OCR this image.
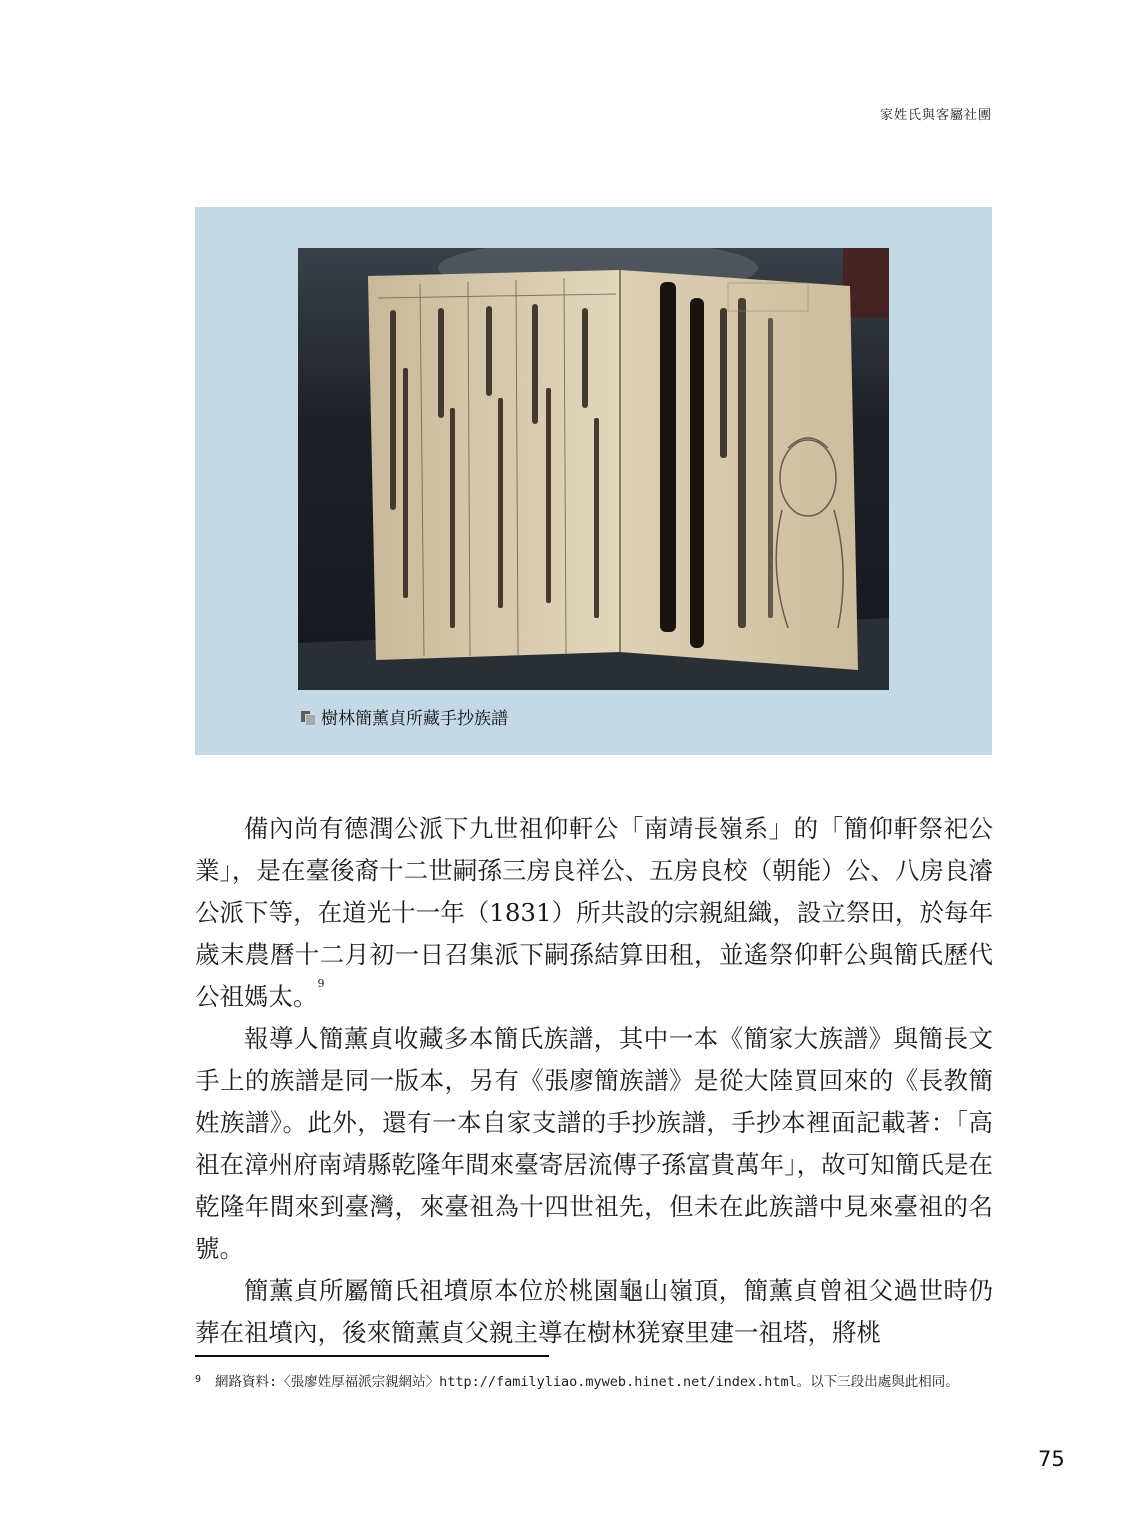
家姓氏與客屬社團
樹林簡薰貞所藏手抄族譜

備內尚有德潤公派下九世祖仰軒公「南靖長嶺系」的「簡仰軒祭祀公業」，是在臺後裔十二世嗣孫三房良祥公、五房良校（朝能）公、八房良濬公派下等，在道光十一年（1831）所共設的宗親組織，設立祭田，於每年歲末農曆十二月初一日召集派下嗣孫結算田租，並遙祭仰軒公與簡氏歷代公祖媽太。$^9$

報導人簡薰貞收藏多本簡氏族譜，其中一本《簡家大族譜》與簡長文手上的族譜是同一版本，另有《張廖簡族譜》是從大陸買回來的《長教簡姓族譜》。此外，還有一本自家支譜的手抄族譜，手抄本裡面記載著：「高祖在漳州府南靖縣乾隆年間來臺寄居流傳子孫富貴萬年」，故可知簡氏是在乾隆年間來到臺灣，來臺祖為十四世祖先，但未在此族譜中見來臺祖的名號。

簡薰貞所屬簡氏祖墳原本位於桃園龜山嶺頂，簡薰貞曾祖父過世時仍葬在祖墳內，後來簡薰貞父親主導在樹林猐寮里建一祖塔，將桃

9 網路資料:〈張廖姓厚福派宗親網站〉http://familyliao.myweb.hinet.net/index.html。以下三段出處與此相同。
75
